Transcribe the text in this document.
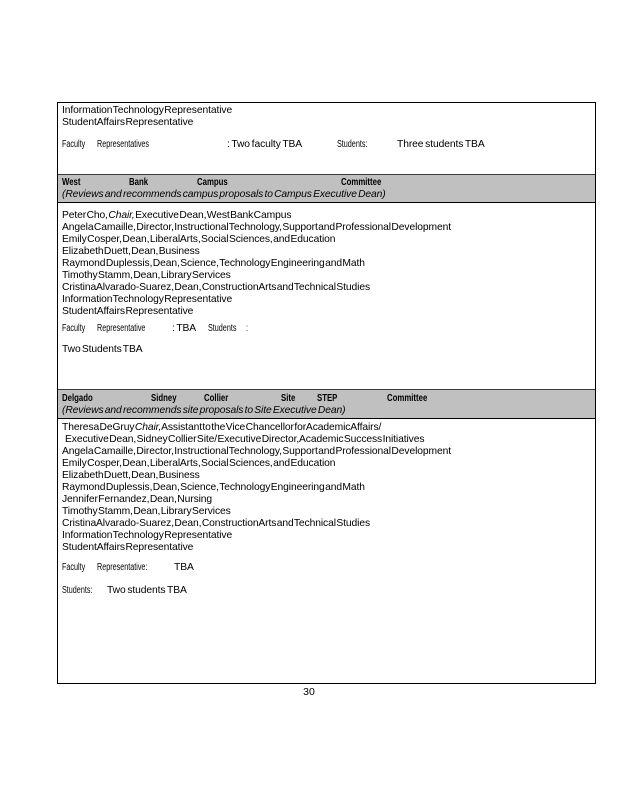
Information Technology Representative
Student Affairs Representative
Faculty Representatives	: Two faculty TBA	Students:	Three students TBA
West	Bank	Campus	Committee
(Reviews and recommends campus proposals to Campus Executive Dean)
Peter Cho, Chair, Executive Dean, West Bank Campus
Angela Camaille, Director, Instructional Technology, Support and Professional Development
Emily Cosper, Dean, Liberal Arts, Social Sciences, and Education
Elizabeth Duett, Dean, Business
Raymond Duplessis, Dean, Science, Technology Engineering and Math
Timothy Stamm, Dean, Library Services
Cristina Alvarado-Suarez, Dean, Construction Arts and Technical Studies
Information Technology Representative
Student Affairs Representative
Faculty Representative	: TBA Students :
Two Students TBA
Delgado	Sidney	Collier	Site STEP	Committee
(Reviews and recommends site proposals to Site Executive Dean)
Theresa DeGruy Chair, Assistant to the Vice Chancellor for Academic Affairs/
Executive Dean, Sidney Collier Site/ Executive Director, Academic Success Initiatives
Angela Camaille, Director, Instructional Technology, Support and Professional Development
Emily Cosper, Dean, Liberal Arts, Social Sciences, and Education
Elizabeth Duett, Dean, Business
Raymond Duplessis, Dean, Science, Technology Engineering and Math
Jennifer Fernandez, Dean, Nursing
Timothy Stamm, Dean, Library Services
Cristina Alvarado-Suarez, Dean, Construction Arts and Technical Studies
Information Technology Representative
Student Affairs Representative
Faculty Representative:	TBA
Students: Two students TBA
30
